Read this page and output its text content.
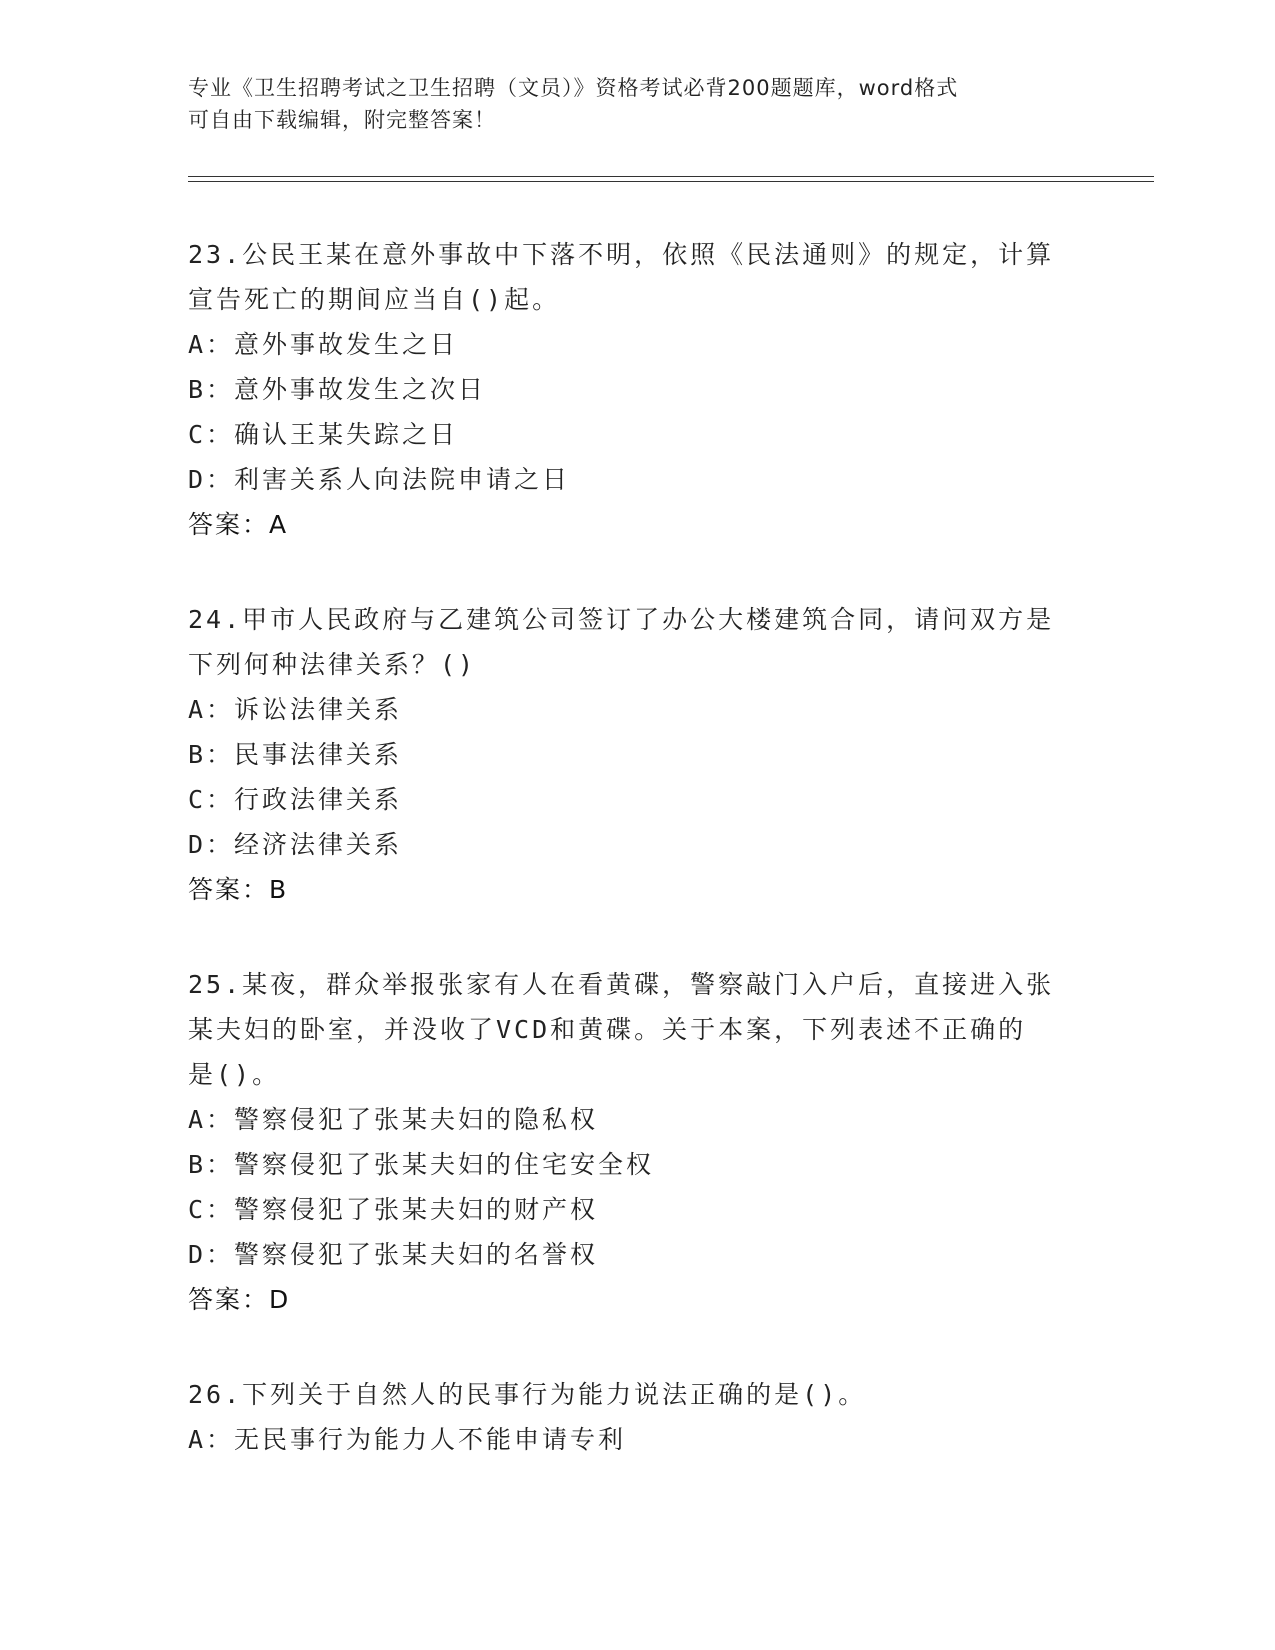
专业《卫生招聘考试之卫生招聘（文员）》资格考试必背200题题库，word格式
可自由下载编辑，附完整答案！
23.公民王某在意外事故中下落不明，依照《民法通则》的规定，计算
宣告死亡的期间应当自()起。
A：意外事故发生之日
B：意外事故发生之次日
C：确认王某失踪之日
D：利害关系人向法院申请之日
答案：A
24.甲市人民政府与乙建筑公司签订了办公大楼建筑合同，请问双方是
下列何种法律关系？()
A：诉讼法律关系
B：民事法律关系
C：行政法律关系
D：经济法律关系
答案：B
25.某夜，群众举报张家有人在看黄碟，警察敲门入户后，直接进入张
某夫妇的卧室，并没收了VCD和黄碟。关于本案，下列表述不正确的
是()。
A：警察侵犯了张某夫妇的隐私权
B：警察侵犯了张某夫妇的住宅安全权
C：警察侵犯了张某夫妇的财产权
D：警察侵犯了张某夫妇的名誉权
答案：D
26.下列关于自然人的民事行为能力说法正确的是()。
A：无民事行为能力人不能申请专利
